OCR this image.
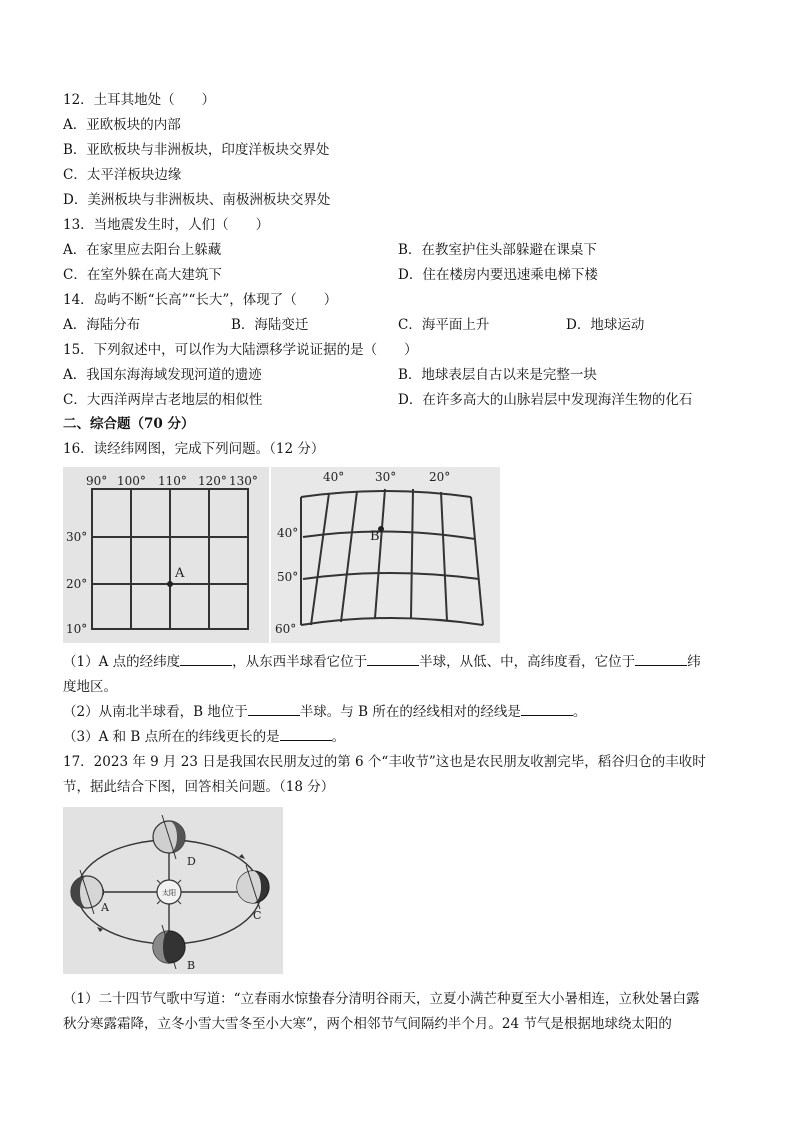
12．土耳其地处（　　）
A．亚欧板块的内部
B．亚欧板块与非洲板块，印度洋板块交界处
C．太平洋板块边缘
D．美洲板块与非洲板块、南极洲板块交界处
13．当地震发生时，人们（　　）
A．在家里应去阳台上躲藏	B．在教室护住头部躲避在课桌下
C．在室外躲在高大建筑下	D．住在楼房内要迅速乘电梯下楼
14．岛屿不断“长高”“长大”，体现了（　　）
A．海陆分布	B．海陆变迁	C．海平面上升	D．地球运动
15．下列叙述中，可以作为大陆漂移学说证据的是（　　）
A．我国东海海域发现河道的遗迹	B．地球表层自古以来是完整一块
C．大西洋两岸古老地层的相似性	D．在许多高大的山脉岩层中发现海洋生物的化石
二、综合题（70 分）
16．读经纬网图，完成下列问题。（12 分）
90° 100° 110° 120° 130°
30°
20°
10°
A
40°	30°	20°
40°
50°
60°
B
（1）A 点的经纬度	，从东西半球看它位于	半球，从低、中，高纬度看，它位于	纬
度地区。
（2）从南北半球看，B 地位于	半球。与 B 所在的经线相对的经线是	。
（3）A 和 B 点所在的纬线更长的是	。
17．2023 年 9 月 23 日是我国农民朋友过的第 6 个“丰收节”这也是农民朋友收割完毕，稻谷归仓的丰收时
节，据此结合下图，回答相关问题。（18 分）
太阳
A
B
C
D
（1）二十四节气歌中写道：“立春雨水惊蛰春分清明谷雨天，立夏小满芒种夏至大小暑相连，立秋处暑白露
秋分寒露霜降，立冬小雪大雪冬至小大寒”，两个相邻节气间隔约半个月。24 节气是根据地球绕太阳的
